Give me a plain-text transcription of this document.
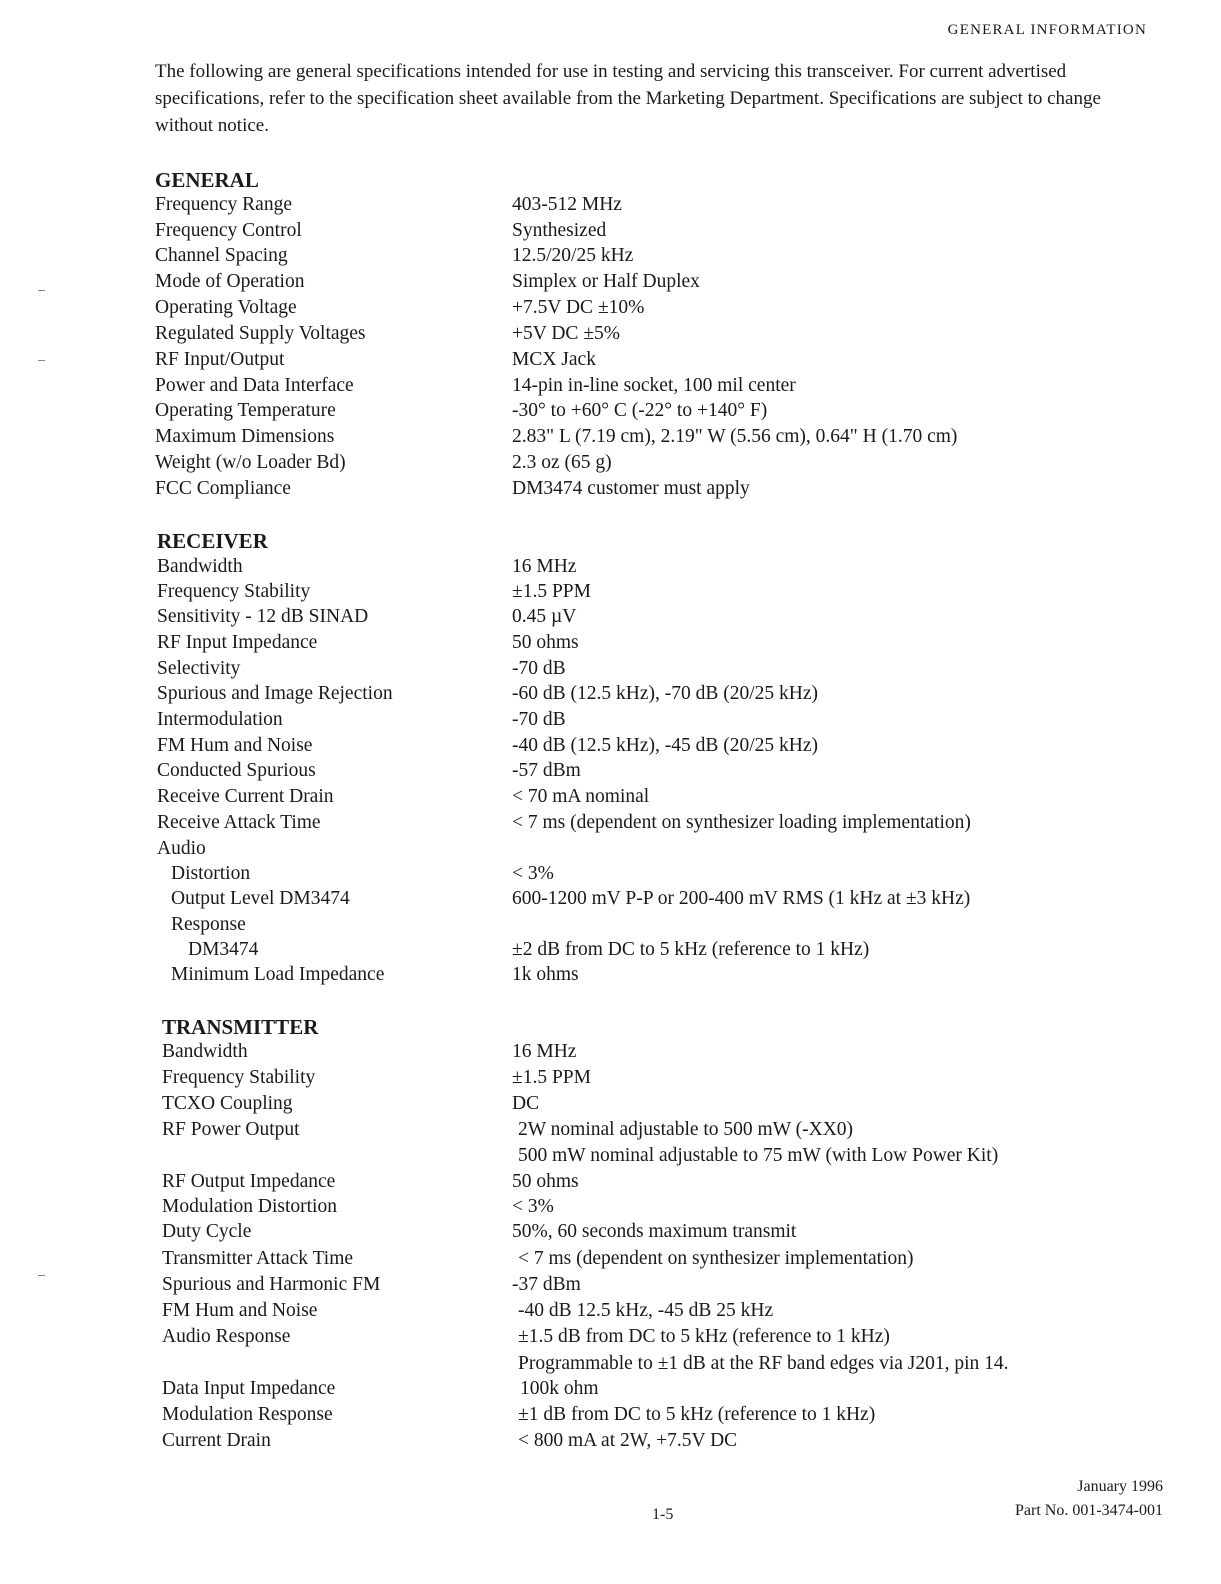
GENERAL INFORMATION
The following are general specifications intended for use in testing and servicing this transceiver. For current advertised specifications, refer to the specification sheet available from the Marketing Department. Specifications are subject to change without notice.
GENERAL
Frequency Range	403-512 MHz
Frequency Control	Synthesized
Channel Spacing	12.5/20/25 kHz
Mode of Operation	Simplex or Half Duplex
Operating Voltage	+7.5V DC ±10%
Regulated Supply Voltages	+5V DC ±5%
RF Input/Output	MCX Jack
Power and Data Interface	14-pin in-line socket, 100 mil center
Operating Temperature	-30° to +60° C (-22° to +140° F)
Maximum Dimensions	2.83" L (7.19 cm), 2.19" W (5.56 cm), 0.64" H (1.70 cm)
Weight (w/o Loader Bd)	2.3 oz (65 g)
FCC Compliance	DM3474 customer must apply
RECEIVER
Bandwidth	16 MHz
Frequency Stability	±1.5 PPM
Sensitivity - 12 dB SINAD	0.45 µV
RF Input Impedance	50 ohms
Selectivity	-70 dB
Spurious and Image Rejection	-60 dB (12.5 kHz), -70 dB (20/25 kHz)
Intermodulation	-70 dB
FM Hum and Noise	-40 dB (12.5 kHz), -45 dB (20/25 kHz)
Conducted Spurious	-57 dBm
Receive Current Drain	< 70 mA nominal
Receive Attack Time	< 7 ms (dependent on synthesizer loading implementation)
Audio
Distortion	< 3%
Output Level DM3474	600-1200 mV P-P or 200-400 mV RMS (1 kHz at ±3 kHz)
Response
DM3474	±2 dB from DC to 5 kHz (reference to 1 kHz)
Minimum Load Impedance	1k ohms
TRANSMITTER
Bandwidth	16 MHz
Frequency Stability	±1.5 PPM
TCXO Coupling	DC
RF Power Output	2W nominal adjustable to 500 mW (-XX0)
500 mW nominal adjustable to 75 mW (with Low Power Kit)
RF Output Impedance	50 ohms
Modulation Distortion	< 3%
Duty Cycle	50%, 60 seconds maximum transmit
Transmitter Attack Time	< 7 ms (dependent on synthesizer implementation)
Spurious and Harmonic FM	-37 dBm
FM Hum and Noise	-40 dB 12.5 kHz, -45 dB 25 kHz
Audio Response	±1.5 dB from DC to 5 kHz (reference to 1 kHz)
Programmable to ±1 dB at the RF band edges via J201, pin 14.
Data Input Impedance	100k ohm
Modulation Response	±1 dB from DC to 5 kHz (reference to 1 kHz)
Current Drain	< 800 mA at 2W, +7.5V DC
January 1996
Part No. 001-3474-001
1-5
